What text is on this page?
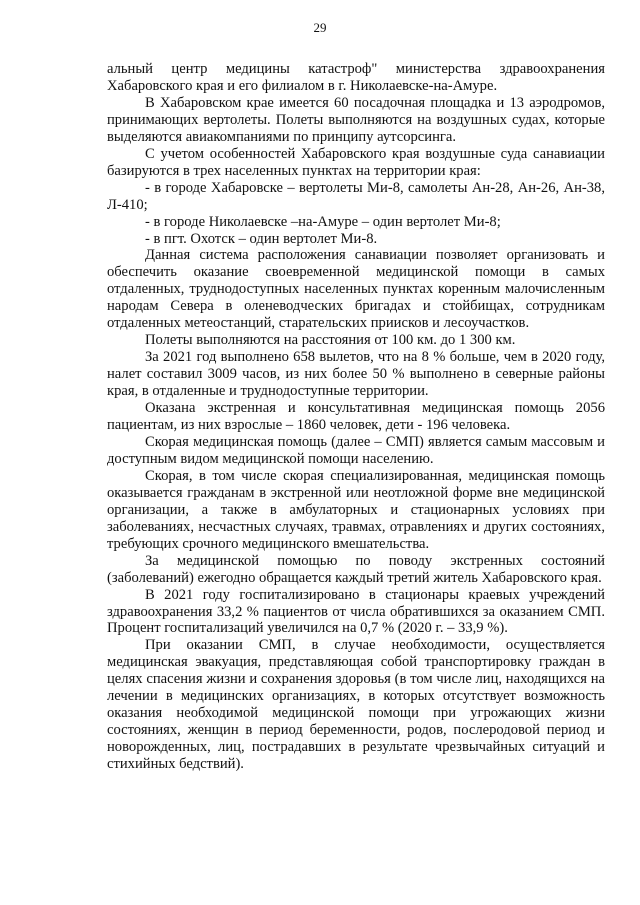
29

альный центр медицины катастроф" министерства здравоохранения Хабаровского края и его филиалом в г. Николаевске-на-Амуре.

В Хабаровском крае имеется 60 посадочная площадка и 13 аэродромов, принимающих вертолеты. Полеты выполняются на воздушных судах, которые выделяются авиакомпаниями по принципу аутсорсинга.

С учетом особенностей Хабаровского края воздушные суда санавиации базируются в трех населенных пунктах на территории края:

- в городе Хабаровске – вертолеты Ми-8, самолеты Ан-28, Ан-26, Ан-38, Л-410;

- в городе Николаевске –на-Амуре – один вертолет Ми-8;

- в пгт. Охотск – один вертолет Ми-8.

Данная система расположения санавиации позволяет организовать и обеспечить оказание своевременной медицинской помощи в самых отдаленных, труднодоступных населенных пунктах коренным малочисленным народам Севера в оленеводческих бригадах и стойбищах, сотрудникам отдаленных метеостанций, старательских приисков и лесоучастков.

Полеты выполняются на расстояния от 100 км. до 1 300 км.

За 2021 год выполнено 658 вылетов, что на 8 % больше, чем в 2020 году, налет составил 3009 часов, из них более 50 % выполнено в северные районы края, в отдаленные и труднодоступные территории.

Оказана экстренная и консультативная медицинская помощь 2056 пациентам, из них взрослые – 1860 человек, дети - 196 человека.

Скорая медицинская помощь (далее – СМП) является самым массовым и доступным видом медицинской помощи населению.

Скорая, в том числе скорая специализированная, медицинская помощь оказывается гражданам в экстренной или неотложной форме вне медицинской организации, а также в амбулаторных и стационарных условиях при заболеваниях, несчастных случаях, травмах, отравлениях и других состояниях, требующих срочного медицинского вмешательства.

За медицинской помощью по поводу экстренных состояний (заболеваний) ежегодно обращается каждый третий житель Хабаровского края.

В 2021 году госпитализировано в стационары краевых учреждений здравоохранения 33,2 % пациентов от числа обратившихся за оказанием СМП. Процент госпитализаций увеличился на 0,7 % (2020 г. – 33,9 %).

При оказании СМП, в случае необходимости, осуществляется медицинская эвакуация, представляющая собой транспортировку граждан в целях спасения жизни и сохранения здоровья (в том числе лиц, находящихся на лечении в медицинских организациях, в которых отсутствует возможность оказания необходимой медицинской помощи при угрожающих жизни состояниях, женщин в период беременности, родов, послеродовой период и новорожденных, лиц, пострадавших в результате чрезвычайных ситуаций и стихийных бедствий).
